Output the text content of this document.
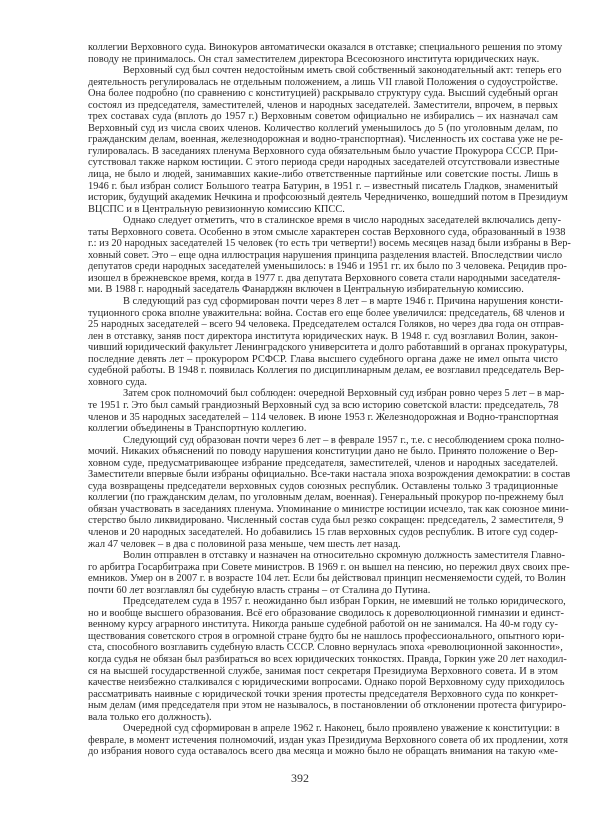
коллегии Верховного суда. Винокуров автоматически оказался в отставке; специального решения по этому
поводу не принималось. Он стал заместителем директора Всесоюзного института юридических наук.
Верховный суд был сочтен недостойным иметь свой собственный законодательный акт: теперь его
деятельность регулировалась не отдельным положением, а лишь VII главой Положения о судоустройстве.
Она более подробно (по сравнению с конституцией) раскрывало структуру суда. Высший судебный орган
состоял из председателя, заместителей, членов и народных заседателей. Заместители, впрочем, в первых
трех составах суда (вплоть до 1957 г.) Верховным советом официально не избирались – их назначал сам
Верховный суд из числа своих членов. Количество коллегий уменьшилось до 5 (по уголовным делам, по
гражданским делам, военная, железнодорожная и водно-транспортная). Численность их состава уже не ре-
гулировалась. В заседаниях пленума Верховного суда обязательным было участие Прокурора СССР. При-
сутствовал также нарком юстиции. С этого периода среди народных заседателей отсутствовали известные
лица, не было и людей, занимавших какие-либо ответственные партийные или советские посты. Лишь в
1946 г. был избран солист Большого театра Батурин, в 1951 г. – известный писатель Гладков, знаменитый
историк, будущий академик Нечкина и профсоюзный деятель Чередниченко, вошедший потом в Президиум
ВЦСПС и в Центральную ревизионную комиссию КПСС.
Однако следует отметить, что в сталинское время в число народных заседателей включались депу-
таты Верховного совета. Особенно в этом смысле характерен состав Верховного суда, образованный в 1938
г.: из 20 народных заседателей 15 человек (то есть три четверти!) восемь месяцев назад были избраны в Вер-
ховный совет. Это – еще одна иллюстрация нарушения принципа разделения властей. Впоследствии число
депутатов среди народных заседателей уменьшилось: в 1946 и 1951 гг. их было по 3 человека. Рецидив про-
изошел в брежневское время, когда в 1977 г. два депутата Верховного совета стали народными заседателя-
ми. В 1988 г. народный заседатель Фанарджян включен в Центральную избирательную комиссию.
В следующий раз суд сформирован почти через 8 лет – в марте 1946 г. Причина нарушения консти-
туционного срока вполне уважительна: война. Состав его еще более увеличился: председатель, 68 членов и
25 народных заседателей – всего 94 человека. Председателем остался Голяков, но через два года он отправ-
лен в отставку, заняв пост директора института юридических наук. В 1948 г. суд возглавил Волин, закон-
чивший юридический факультет Ленинградского университета и долго работавший в органах прокуратуры,
последние девять лет – прокурором РСФСР. Глава высшего судебного органа даже не имел опыта чисто
судебной работы. В 1948 г. появилась Коллегия по дисциплинарным делам, ее возглавил председатель Вер-
ховного суда.
Затем срок полномочий был соблюден: очередной Верховный суд избран ровно через 5 лет – в мар-
те 1951 г. Это был самый грандиозный Верховный суд за всю историю советской власти: председатель, 78
членов и 35 народных заседателей – 114 человек. В июне 1953 г. Железнодорожная и Водно-транспортная
коллегии объединены в Транспортную коллегию.
Следующий суд образован почти через 6 лет – в феврале 1957 г., т.е. с несоблюдением срока полно-
мочий. Никаких объяснений по поводу нарушения конституции дано не было. Принято положение о Вер-
ховном суде, предусматривающее избрание председателя, заместителей, членов и народных заседателей.
Заместители впервые были избраны официально. Все-таки настала эпоха возрождения демократии: в состав
суда возвращены председатели верховных судов союзных республик. Оставлены только 3 традиционные
коллегии (по гражданским делам, по уголовным делам, военная). Генеральный прокурор по-прежнему был
обязан участвовать в заседаниях пленума. Упоминание о министре юстиции исчезло, так как союзное мини-
стерство было ликвидировано. Численный состав суда был резко сокращен: председатель, 2 заместителя, 9
членов и 20 народных заседателей. Но добавились 15 глав верховных судов республик. В итоге суд содер-
жал 47 человек – в два с половиной раза меньше, чем шесть лет назад.
Волин отправлен в отставку и назначен на относительно скромную должность заместителя Главно-
го арбитра Госарбитража при Совете министров. В 1969 г. он вышел на пенсию, но пережил двух своих пре-
емников. Умер он в 2007 г. в возрасте 104 лет. Если бы действовал принцип несменяемости судей, то Волин
почти 60 лет возглавлял бы судебную власть страны – от Сталина до Путина.
Председателем суда в 1957 г. неожиданно был избран Горкин, не имевший не только юридического,
но и вообще высшего образования. Всё его образование сводилось к дореволюционной гимназии и единст-
венному курсу аграрного института. Никогда раньше судебной работой он не занимался. На 40-м году су-
ществования советского строя в огромной стране будто бы не нашлось профессионального, опытного юри-
ста, способного возглавить судебную власть СССР. Словно вернулась эпоха «революционной законности»,
когда судья не обязан был разбираться во всех юридических тонкостях. Правда, Горкин уже 20 лет находил-
ся на высшей государственной службе, занимая пост секретаря Президиума Верховного совета. И в этом
качестве неизбежно сталкивался с юридическими вопросами. Однако порой Верховному суду приходилось
рассматривать наивные с юридической точки зрения протесты председателя Верховного суда по конкрет-
ным делам (имя председателя при этом не называлось, в постановлении об отклонении протеста фигуриро-
вала только его должность).
Очередной суд сформирован в апреле 1962 г. Наконец, было проявлено уважение к конституции: в
феврале, в момент истечения полномочий, издан указ Президиума Верховного совета об их продлении, хотя
до избрания нового суда оставалось всего два месяца и можно было не обращать внимания на такую «ме-
392
